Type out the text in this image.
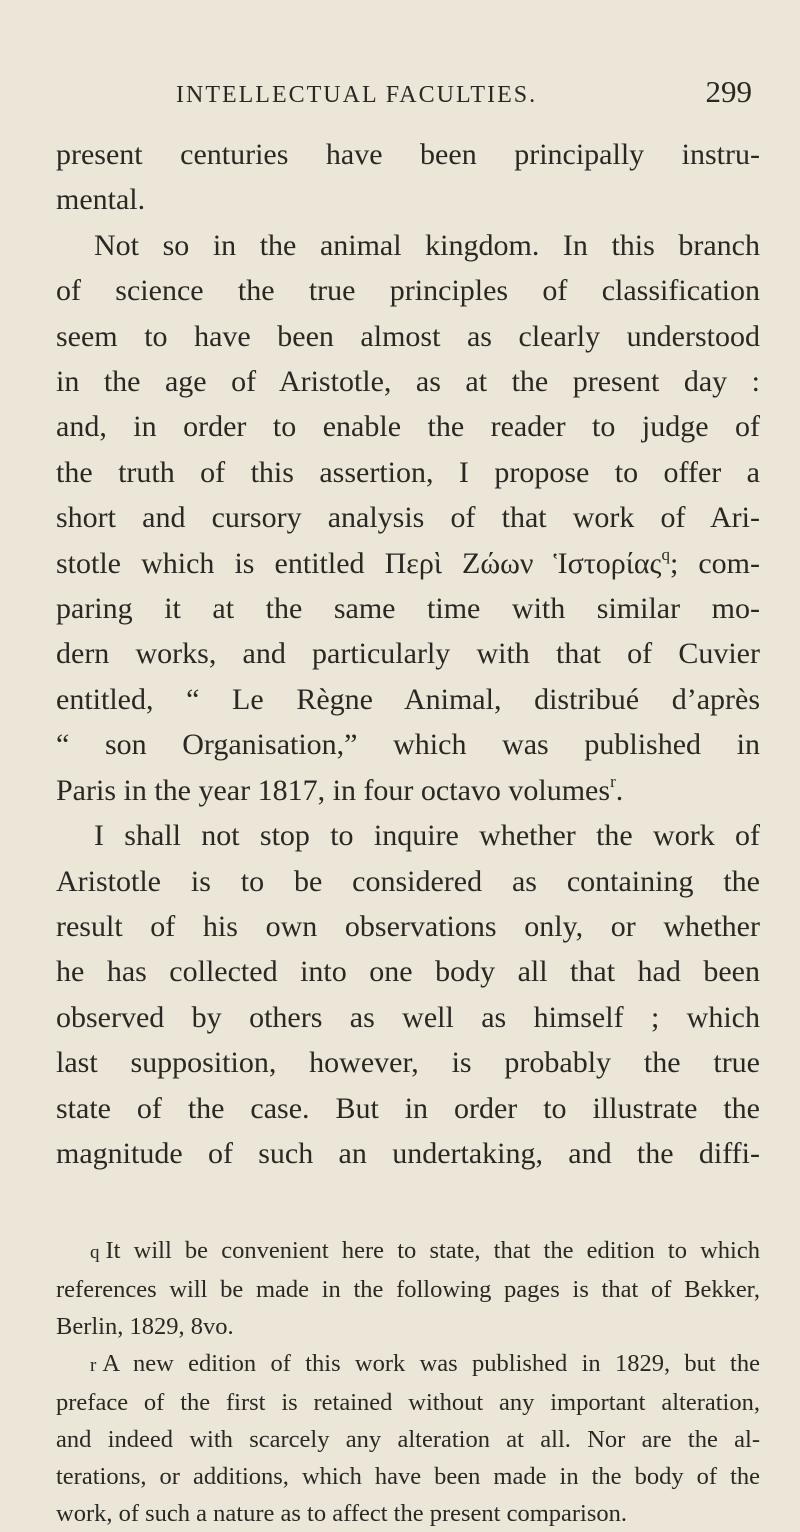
INTELLECTUAL FACULTIES.	299
present centuries have been principally instru-
mental.
Not so in the animal kingdom. In this branch
of science the true principles of classification
seem to have been almost as clearly understood
in the age of Aristotle, as at the present day :
and, in order to enable the reader to judge of
the truth of this assertion, I propose to offer a
short and cursory analysis of that work of Ari-
stotle which is entitled Περὶ Ζώων Ἱστορίας$^q$; com-
paring it at the same time with similar mo-
dern works, and particularly with that of Cuvier
entitled, “ Le Règne Animal, distribué d’après
“ son Organisation,” which was published in
Paris in the year 1817, in four octavo volumes$^r$.
I shall not stop to inquire whether the work of
Aristotle is to be considered as containing the
result of his own observations only, or whether
he has collected into one body all that had been
observed by others as well as himself ; which
last supposition, however, is probably the true
state of the case. But in order to illustrate the
magnitude of such an undertaking, and the diffi-
q It will be convenient here to state, that the edition to which
references will be made in the following pages is that of Bekker,
Berlin, 1829, 8vo.
r A new edition of this work was published in 1829, but the
preface of the first is retained without any important alteration,
and indeed with scarcely any alteration at all. Nor are the al-
terations, or additions, which have been made in the body of the
work, of such a nature as to affect the present comparison.
